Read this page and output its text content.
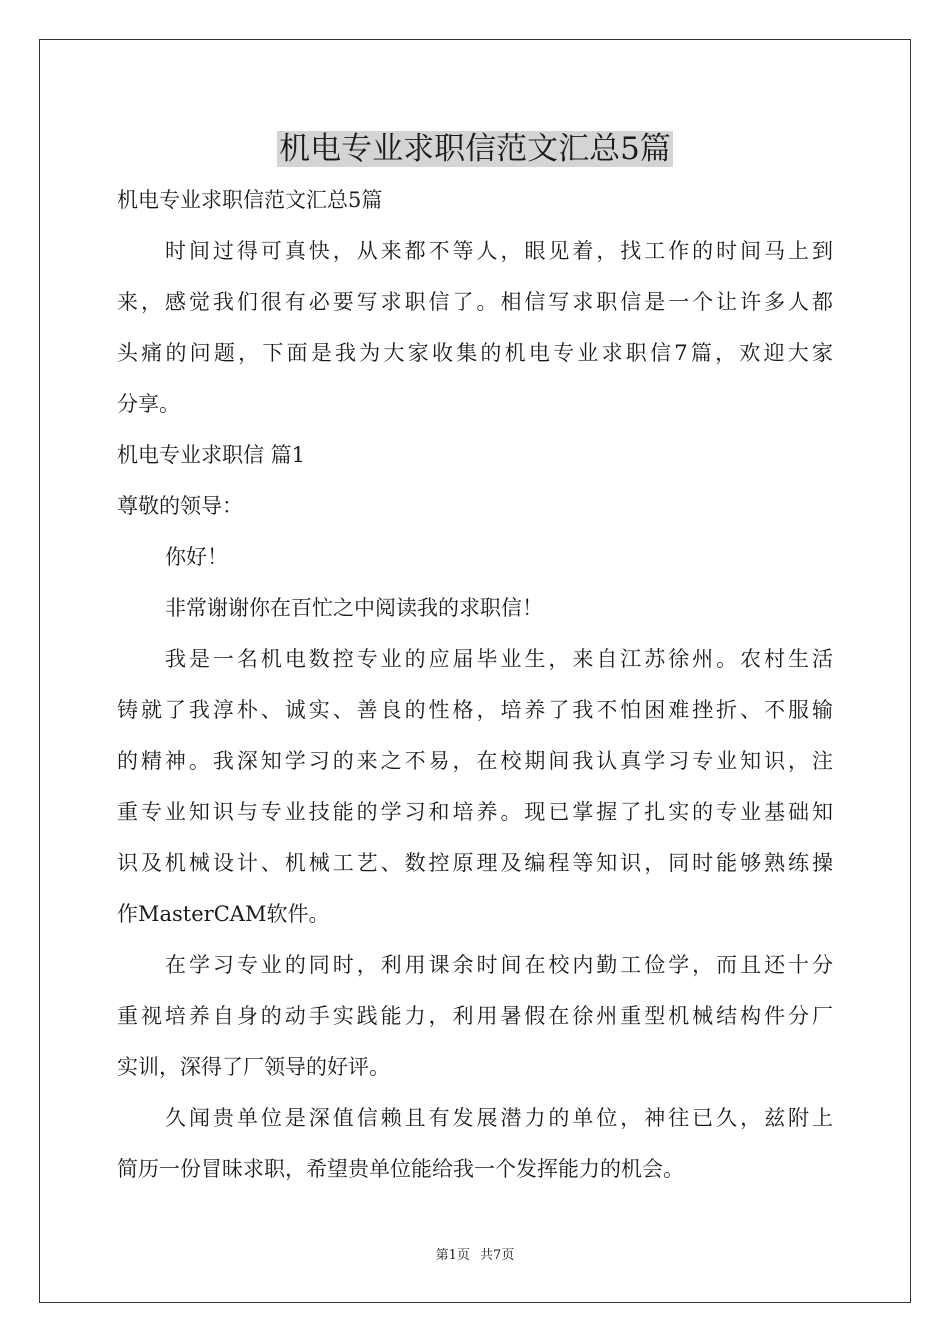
机电专业求职信范文汇总5篇

机电专业求职信范文汇总5篇

时间过得可真快，从来都不等人，眼见着，找工作的时间马上到

来，感觉我们很有必要写求职信了。相信写求职信是一个让许多人都

头痛的问题，下面是我为大家收集的机电专业求职信7篇，欢迎大家

分享。

机电专业求职信 篇1

尊敬的领导：

你好！

非常谢谢你在百忙之中阅读我的求职信！

我是一名机电数控专业的应届毕业生，来自江苏徐州。农村生活

铸就了我淳朴、诚实、善良的性格，培养了我不怕困难挫折、不服输

的精神。我深知学习的来之不易，在校期间我认真学习专业知识，注

重专业知识与专业技能的学习和培养。现已掌握了扎实的专业基础知

识及机械设计、机械工艺、数控原理及编程等知识，同时能够熟练操

作MasterCAM软件。

在学习专业的同时，利用课余时间在校内勤工俭学，而且还十分

重视培养自身的动手实践能力，利用暑假在徐州重型机械结构件分厂

实训，深得了厂领导的好评。

久闻贵单位是深值信赖且有发展潜力的单位，神往已久，兹附上

简历一份冒昧求职，希望贵单位能给我一个发挥能力的机会。

第1页 共7页
